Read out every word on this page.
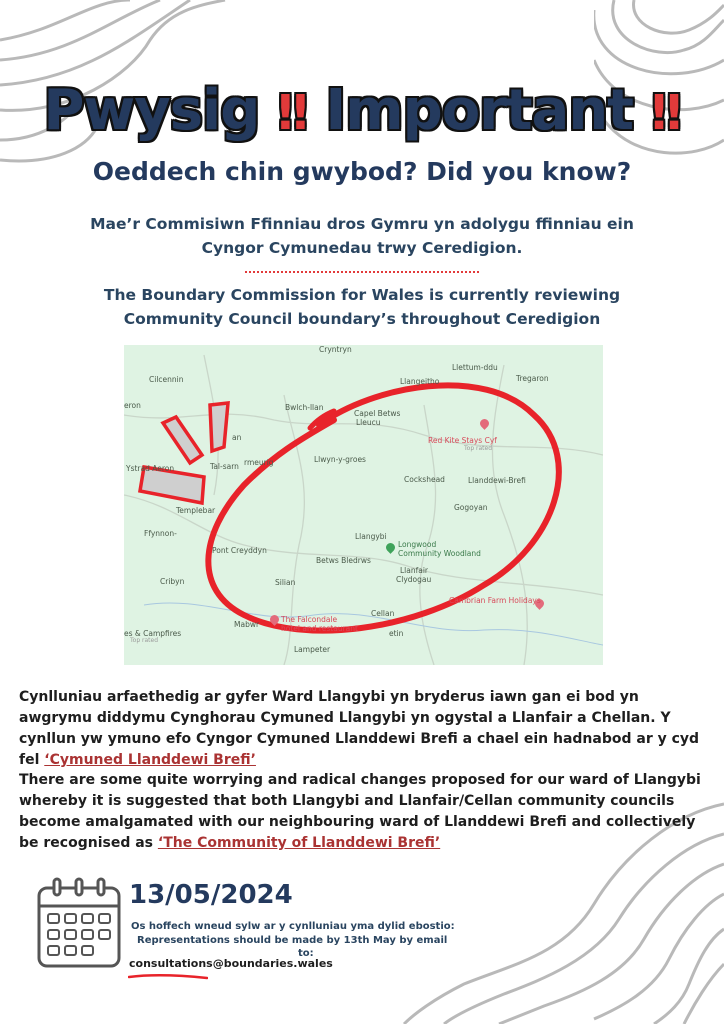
Pwysig ‼ Important ‼
Oeddech chin gwybod? Did you know?
Mae’r Commisiwn Ffinniau dros Gymru yn adolygu ffinniau ein
Cyngor Cymunedau trwy Ceredigion.
The Boundary Commission for Wales is currently reviewing
Community Council boundary’s throughout Ceredigion
Cryntryn
Cilcennin	Llangeitho
Llettum-ddu
Tregaron
eron	Bwlch-llan
Capel Betws
Lleucu
an
Tal-sarn
Ystrad Aeron
rmeurig	Llwyn-y-groes
Cockshead	Llanddewi-Brefi
Gogoyan
Templebar
Ffynnon-
Pont Creyddyn
Llangybi
Betws Bledrws
Llanfair
Clydogau
Cribyn	Silian
Cellan
Mabwr
Lampeter
es & Campfires	etin
Red Kite Stays Cyf
Top rated
Longwood
Community Woodland
Cambrian Farm Holidays
The Falcondale
hotel and restaurant
Top rated
Cynlluniau arfaethedig ar gyfer Ward Llangybi yn bryderus iawn gan ei bod yn awgrymu diddymu Cynghorau Cymuned Llangybi yn ogystal a Llanfair a Chellan. Y cynllun yw ymuno efo Cyngor Cymuned Llanddewi Brefi a chael ein hadnabod ar y cyd fel ‘Cymuned Llanddewi Brefi’
There are some quite worrying and radical changes proposed for our ward of Llangybi whereby it is suggested that both Llangybi and Llanfair/Cellan community councils become amalgamated with our neighbouring ward of Llanddewi Brefi and collectively be recognised as ‘The Community of Llanddewi Brefi’
13/05/2024
Os hoffech wneud sylw ar y cynlluniau yma dylid ebostio:
Representations should be made by 13th May by email
to:
consultations@boundaries.wales
